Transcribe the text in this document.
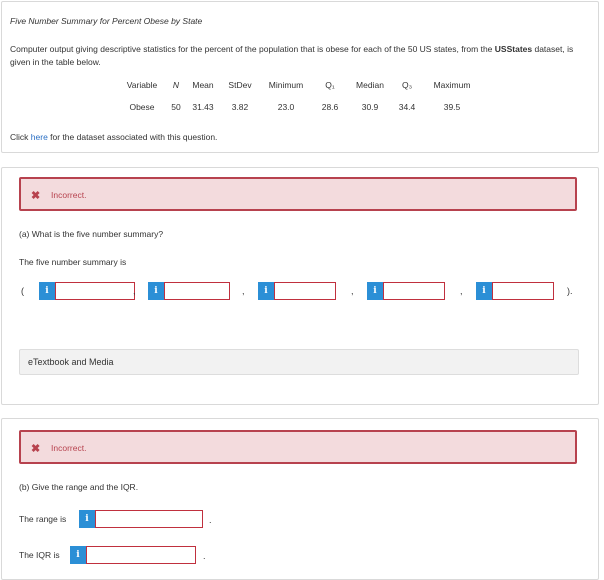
Five Number Summary for Percent Obese by State
Computer output giving descriptive statistics for the percent of the population that is obese for each of the 50 US states, from the USStates dataset, is given in the table below.
Variable	N	Mean	StDev	Minimum	Q₁	Median	Q₃	Maximum
Obese	50	31.43	3.82	23.0	28.6	30.9	34.4	39.5
Click here for the dataset associated with this question.
✖ Incorrect.
(a) What is the five number summary?
The five number summary is
(	i	,	i	,	i	,	i	,	i	).
eTextbook and Media
✖ Incorrect.
(b) Give the range and the IQR.
The range is	i	.
The IQR is	i	.
